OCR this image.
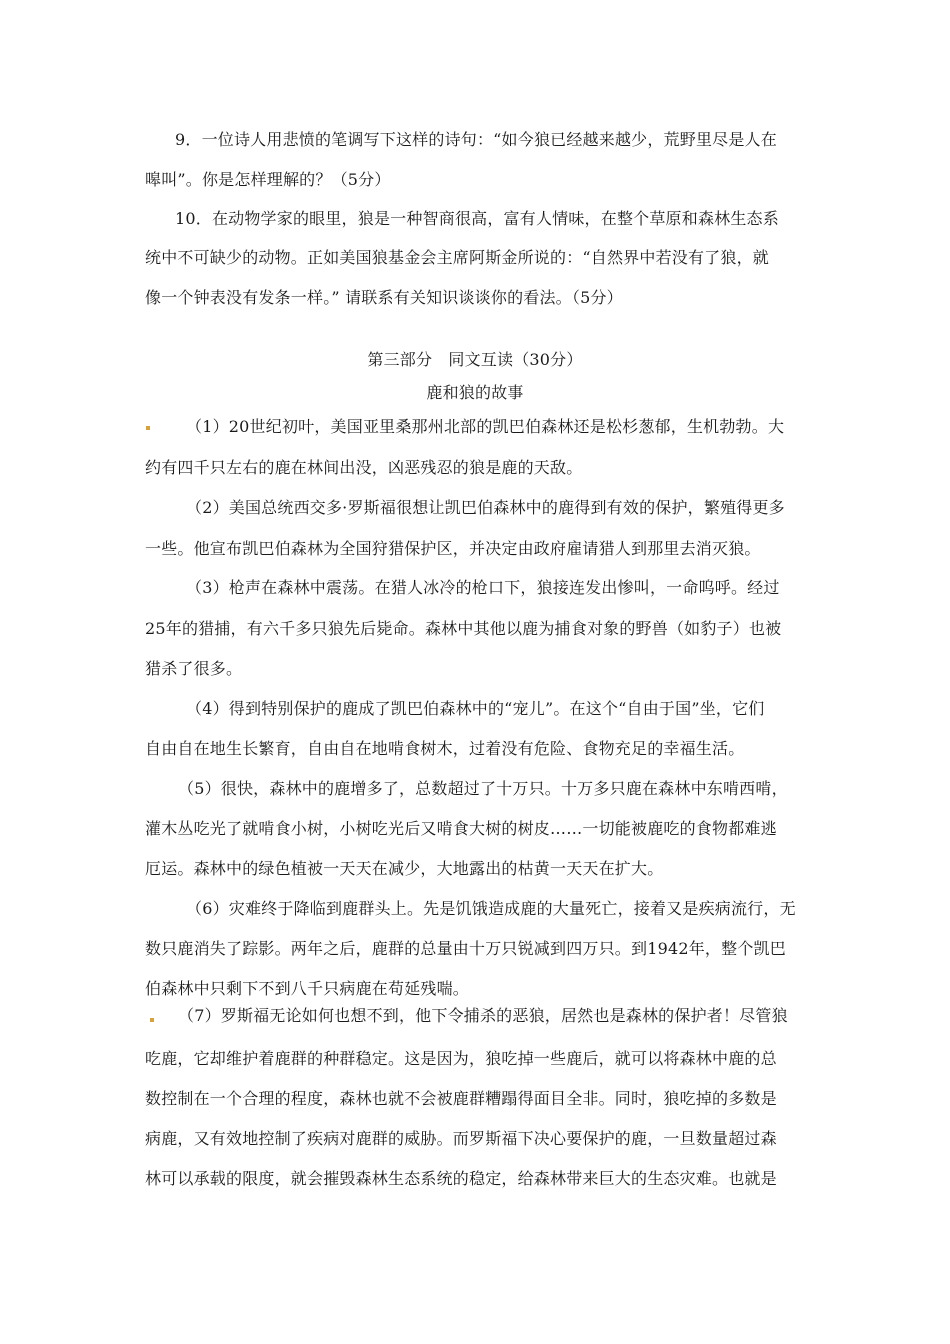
9．一位诗人用悲愤的笔调写下这样的诗句：“如今狼已经越来越少，荒野里尽是人在
嗥叫”。你是怎样理解的？（5分）
10．在动物学家的眼里，狼是一种智商很高，富有人情味，在整个草原和森林生态系
统中不可缺少的动物。正如美国狼基金会主席阿斯金所说的：“自然界中若没有了狼，就
像一个钟表没有发条一样。” 请联系有关知识谈谈你的看法。（5分）
第三部分　同文互读（30分）
鹿和狼的故事
（1）20世纪初叶，美国亚里桑那州北部的凯巴伯森林还是松杉葱郁，生机勃勃。大
约有四千只左右的鹿在林间出没，凶恶残忍的狼是鹿的天敌。
（2）美国总统西交多·罗斯福很想让凯巴伯森林中的鹿得到有效的保护，繁殖得更多
一些。他宣布凯巴伯森林为全国狩猎保护区，并决定由政府雇请猎人到那里去消灭狼。
（3）枪声在森林中震荡。在猎人冰冷的枪口下，狼接连发出惨叫，一命呜呼。经过
25年的猎捕，有六千多只狼先后毙命。森林中其他以鹿为捕食对象的野兽（如豹子）也被
猎杀了很多。
（4）得到特别保护的鹿成了凯巴伯森林中的“宠儿”。在这个“自由于国”坐，它们
自由自在地生长繁育，自由自在地啃食树木，过着没有危险、食物充足的幸福生活。
（5）很快，森林中的鹿增多了，总数超过了十万只。十万多只鹿在森林中东啃西啃，
灌木丛吃光了就啃食小树，小树吃光后又啃食大树的树皮……一切能被鹿吃的食物都难逃
厄运。森林中的绿色植被一天天在减少，大地露出的枯黄一天天在扩大。
（6）灾难终于降临到鹿群头上。先是饥饿造成鹿的大量死亡，接着又是疾病流行，无
数只鹿消失了踪影。两年之后，鹿群的总量由十万只锐减到四万只。到1942年，整个凯巴
伯森林中只剩下不到八千只病鹿在苟延残喘。
（7）罗斯福无论如何也想不到，他下令捕杀的恶狼，居然也是森林的保护者！尽管狼
吃鹿，它却维护着鹿群的种群稳定。这是因为，狼吃掉一些鹿后，就可以将森林中鹿的总
数控制在一个合理的程度，森林也就不会被鹿群糟蹋得面目全非。同时，狼吃掉的多数是
病鹿，又有效地控制了疾病对鹿群的威胁。而罗斯福下决心要保护的鹿，一旦数量超过森
林可以承载的限度，就会摧毁森林生态系统的稳定，给森林带来巨大的生态灾难。也就是
